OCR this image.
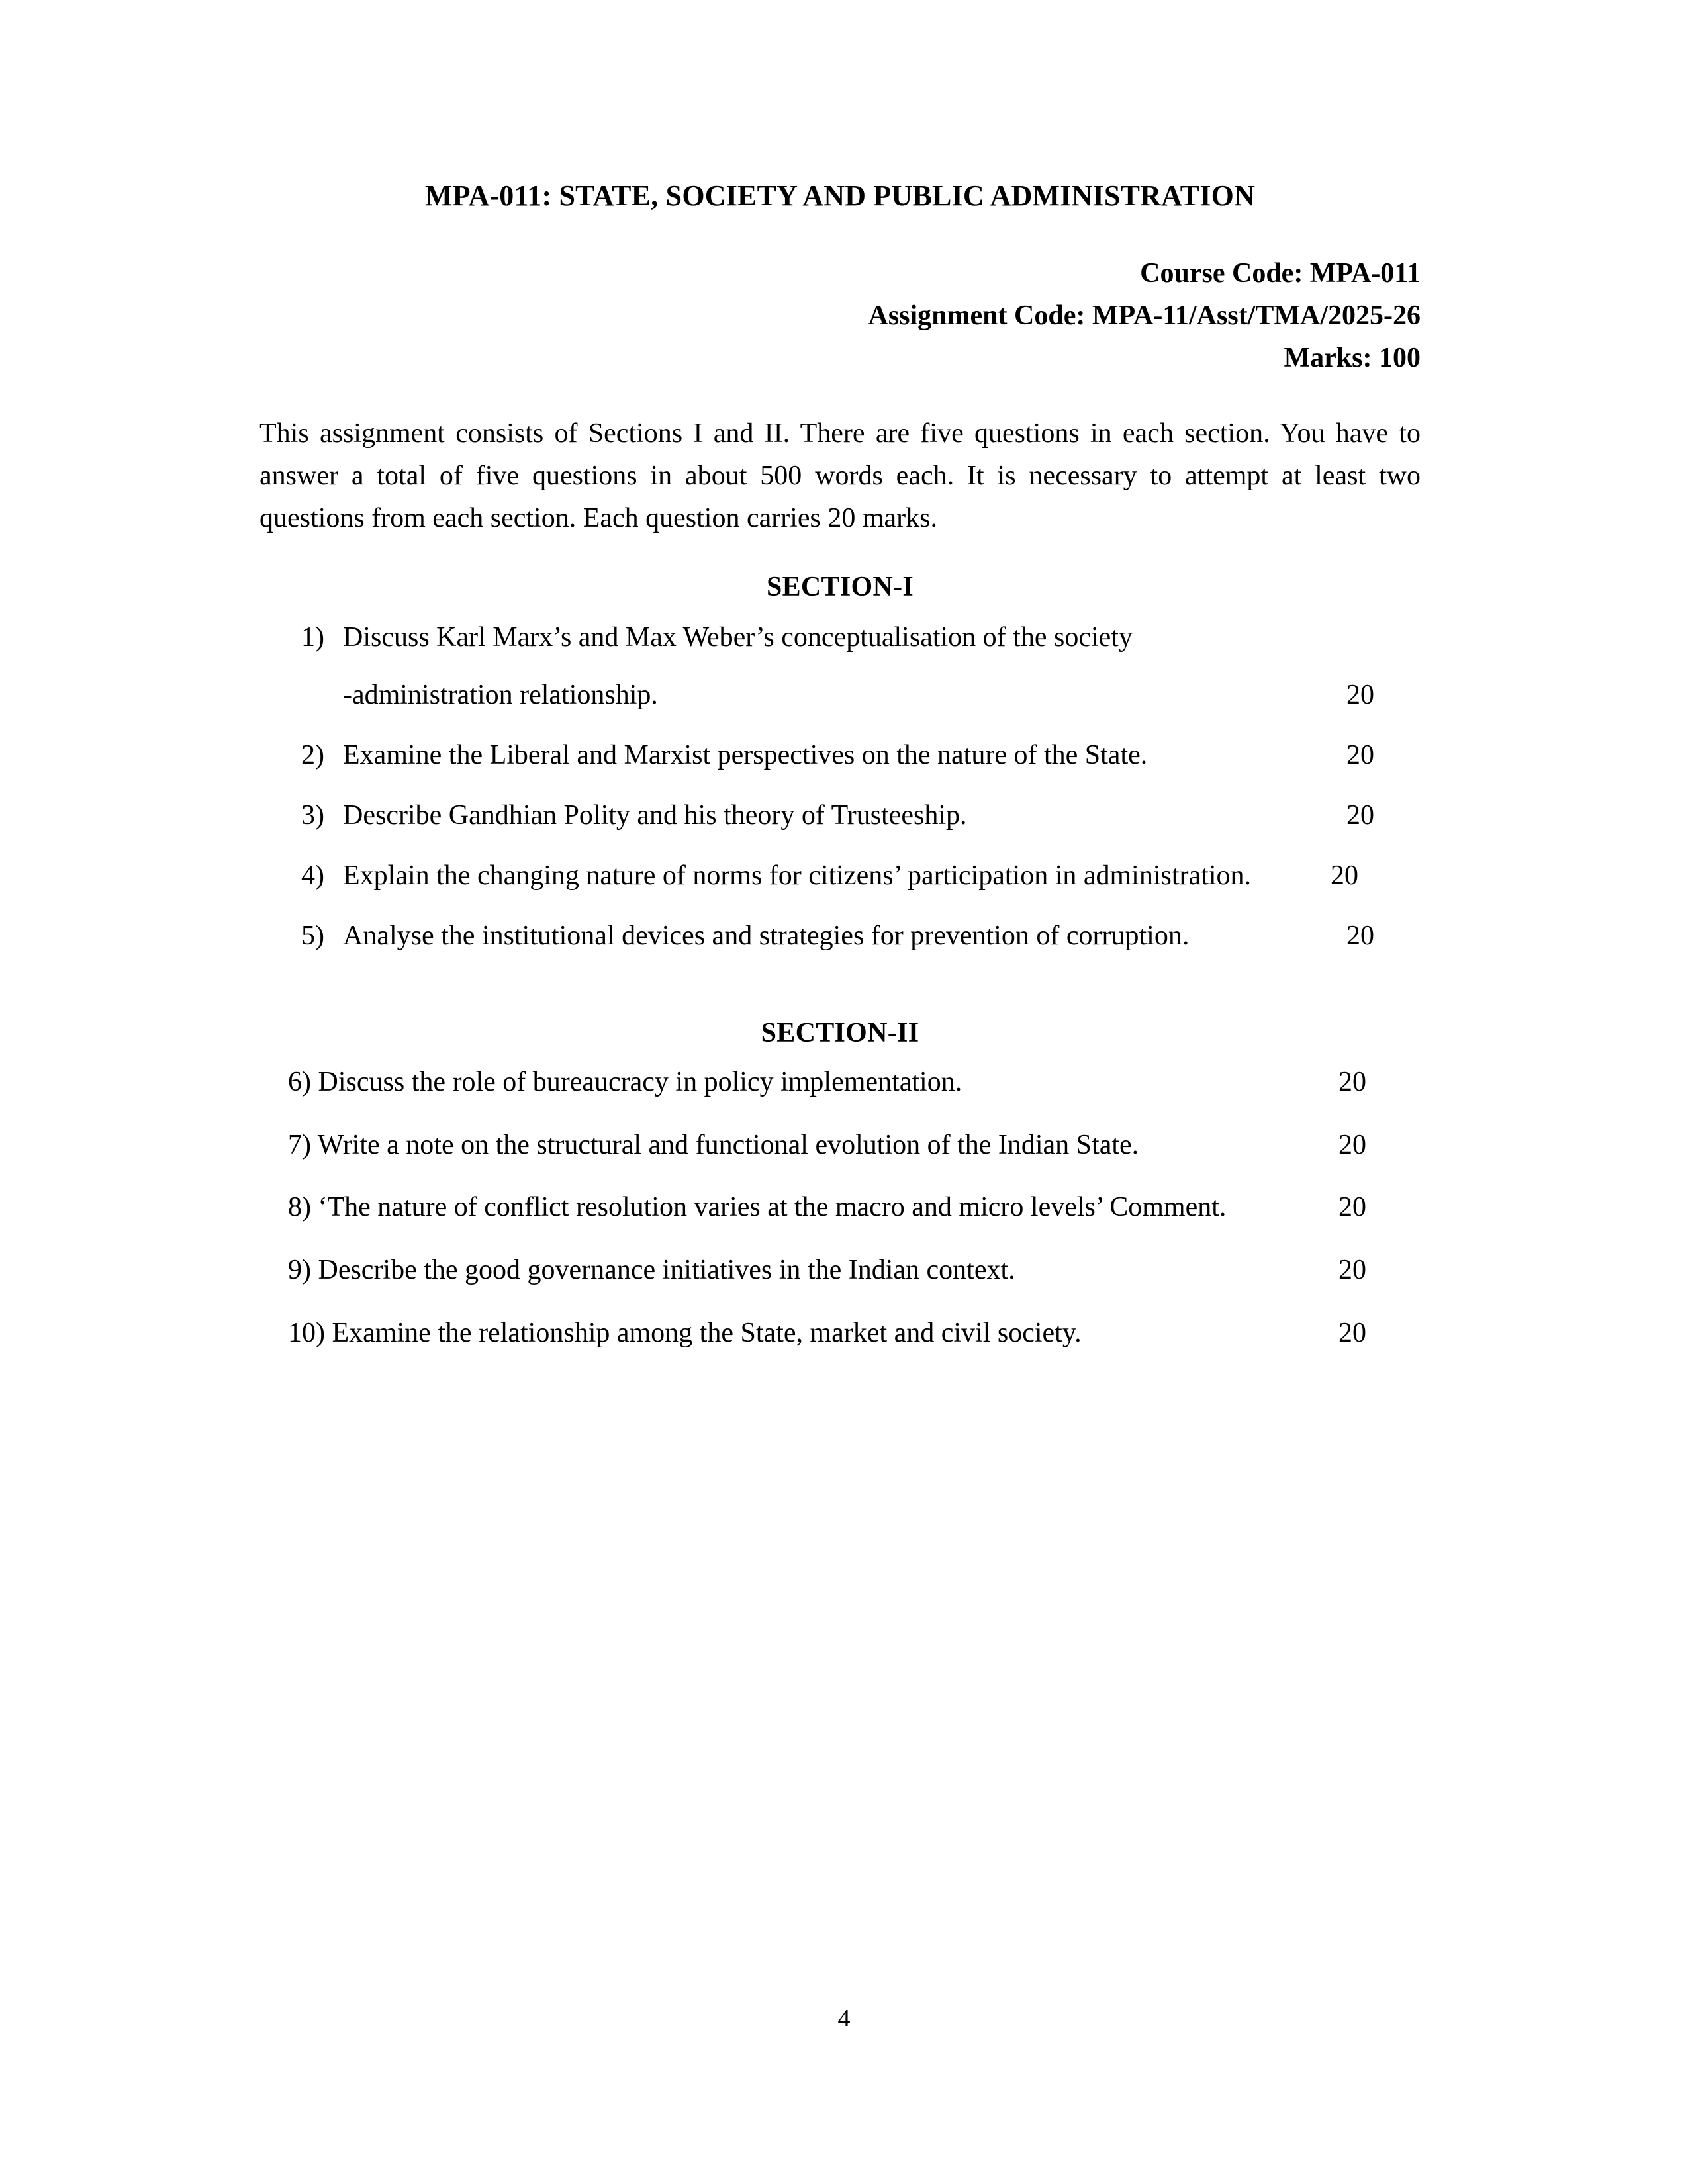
MPA-011: STATE, SOCIETY AND PUBLIC ADMINISTRATION
Course Code: MPA-011
Assignment Code: MPA-11/Asst/TMA/2025-26
Marks: 100

This assignment consists of Sections I and II. There are five questions in each section. You have to answer a total of five questions in about 500 words each. It is necessary to attempt at least two questions from each section. Each question carries 20 marks.

SECTION-I
1) Discuss Karl Marx’s and Max Weber’s conceptualisation of the society
-administration relationship.	20
2) Examine the Liberal and Marxist perspectives on the nature of the State.	20
3) Describe Gandhian Polity and his theory of Trusteeship.	20
4) Explain the changing nature of norms for citizens’ participation in administration.	20
5) Analyse the institutional devices and strategies for prevention of corruption.	20
SECTION-II
6) Discuss the role of bureaucracy in policy implementation.	20
7) Write a note on the structural and functional evolution of the Indian State.	20
8) ‘The nature of conflict resolution varies at the macro and micro levels’ Comment.	20
9) Describe the good governance initiatives in the Indian context.	20
10) Examine the relationship among the State, market and civil society.	20
4
